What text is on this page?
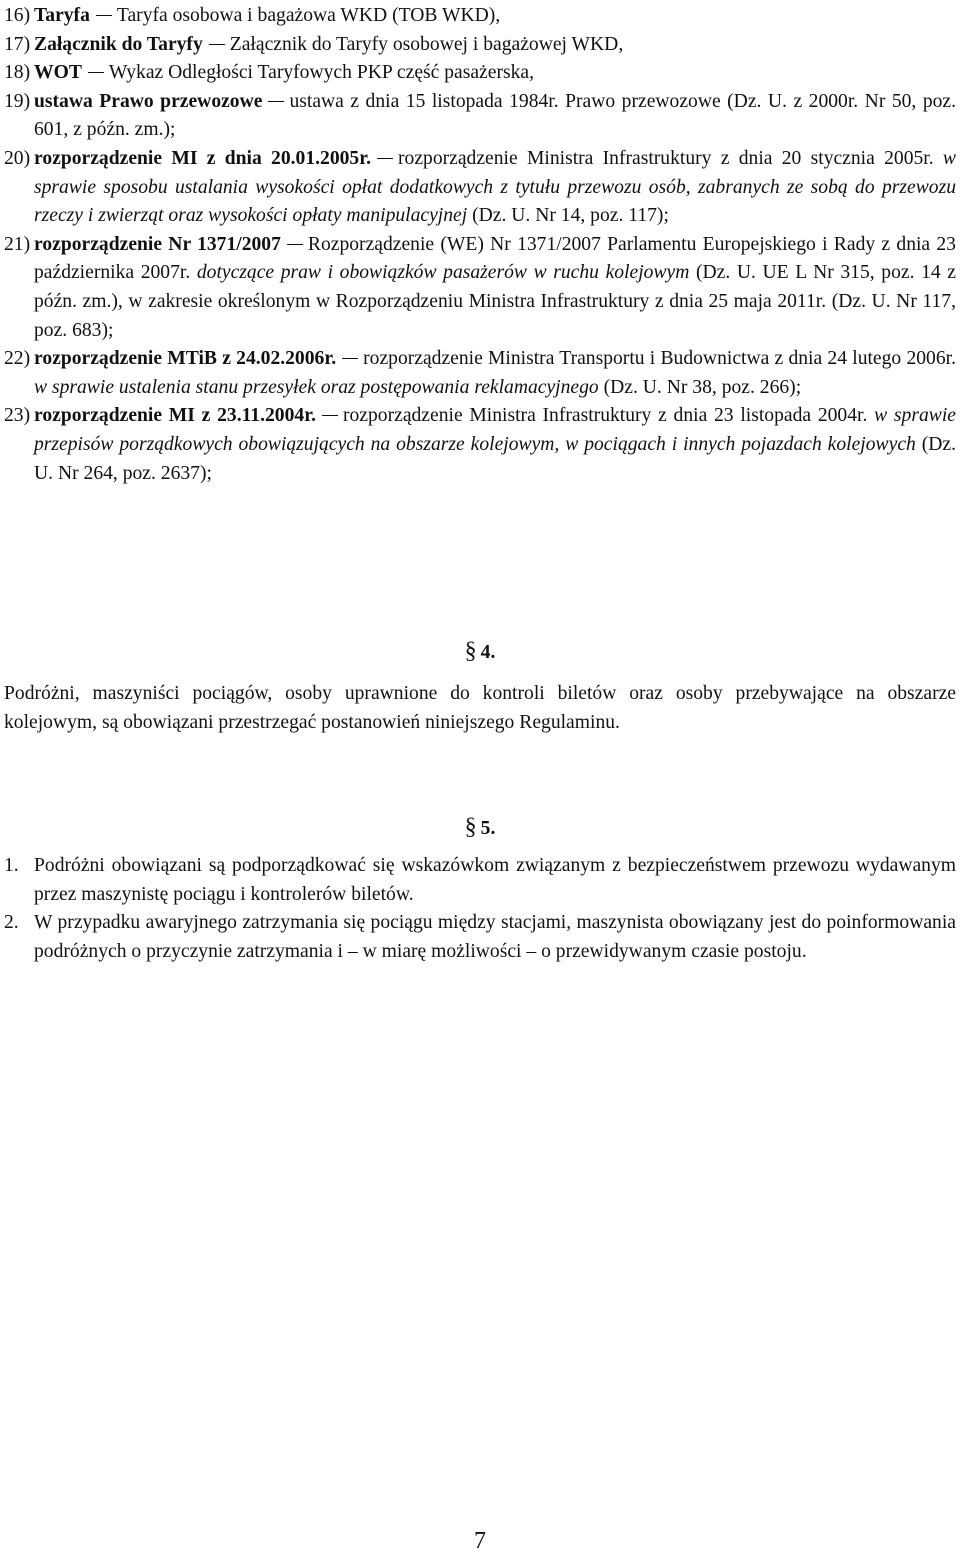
16) Taryfa Taryfa osobowa i bagażowa WKD (TOB WKD),
17) Załącznik do Taryfy Załącznik do Taryfy osobowej i bagażowej WKD,
18) WOT Wykaz Odległości Taryfowych PKP część pasażerska,
19) ustawa Prawo przewozowe ustawa z dnia 15 listopada 1984r. Prawo przewozowe (Dz. U. z 2000r. Nr 50, poz. 601, z późn. zm.);
20) rozporządzenie MI z dnia 20.01.2005r. rozporządzenie Ministra Infrastruktury z dnia 20 stycznia 2005r. w sprawie sposobu ustalania wysokości opłat dodatkowych z tytułu przewozu osób, zabranych ze sobą do przewozu rzeczy i zwierząt oraz wysokości opłaty manipulacyjnej (Dz. U. Nr 14, poz. 117);
21) rozporządzenie Nr 1371/2007 Rozporządzenie (WE) Nr 1371/2007 Parlamentu Europejskiego i Rady z dnia 23 października 2007r. dotyczące praw i obowiązków pasażerów w ruchu kolejowym (Dz. U. UE L Nr 315, poz. 14 z późn. zm.), w zakresie określonym w Rozporządzeniu Ministra Infrastruktury z dnia 25 maja 2011r. (Dz. U. Nr 117, poz. 683);
22) rozporządzenie MTiB z 24.02.2006r. rozporządzenie Ministra Transportu i Budownictwa z dnia 24 lutego 2006r. w sprawie ustalenia stanu przesyłek oraz postępowania reklamacyjnego (Dz. U. Nr 38, poz. 266);
23) rozporządzenie MI z 23.11.2004r. rozporządzenie Ministra Infrastruktury z dnia 23 listopada 2004r. w sprawie przepisów porządkowych obowiązujących na obszarze kolejowym, w pociągach i innych pojazdach kolejowych (Dz. U. Nr 264, poz. 2637);
§ 4.
Podróżni, maszyniści pociągów, osoby uprawnione do kontroli biletów oraz osoby przebywające na obszarze kolejowym, są obowiązani przestrzegać postanowień niniejszego Regulaminu.
§ 5.
1. Podróżni obowiązani są podporządkować się wskazówkom związanym z bezpieczeństwem przewozu wydawanym przez maszynistę pociągu i kontrolerów biletów.
2. W przypadku awaryjnego zatrzymania się pociągu między stacjami, maszynista obowiązany jest do poinformowania podróżnych o przyczynie zatrzymania i – w miarę możliwości – o przewidywanym czasie postoju.
7
